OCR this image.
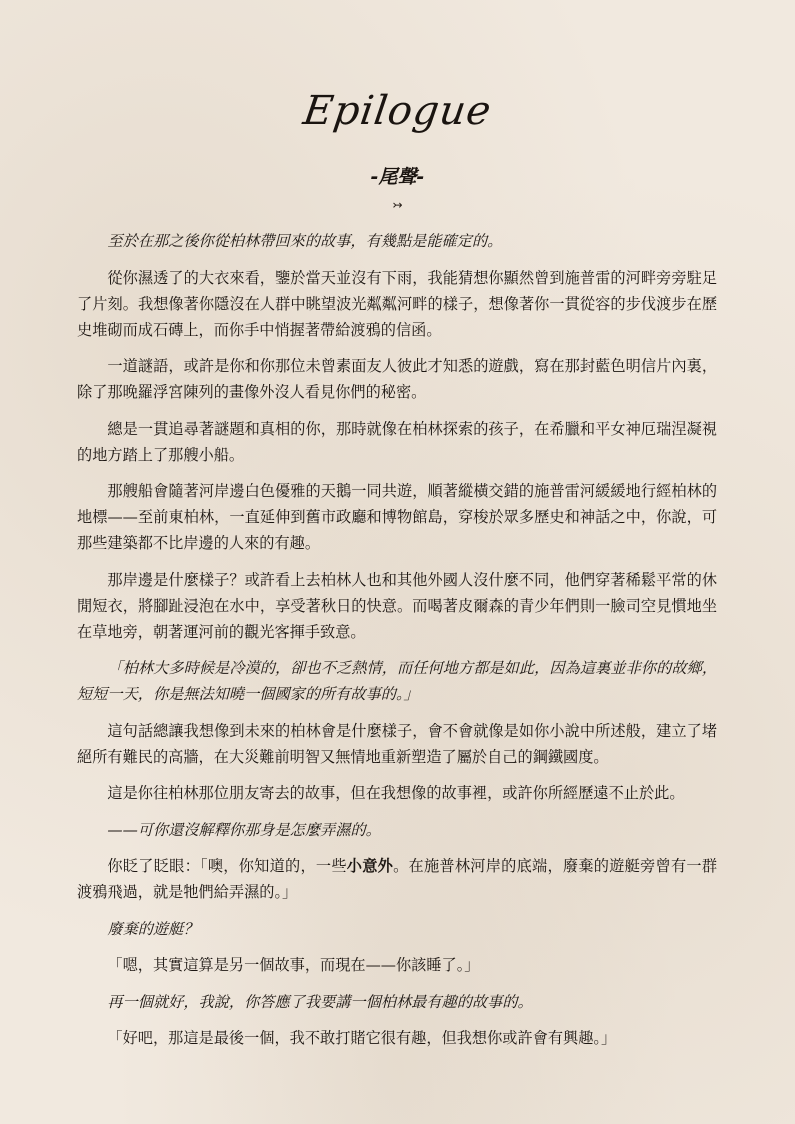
Epilogue
-尾聲-
↣

至於在那之後你從柏林帶回來的故事，有幾點是能確定的。

從你濕透了的大衣來看，鑒於當天並沒有下雨，我能猜想你顯然曾到施普雷的河畔旁旁駐足了片刻。我想像著你隱沒在人群中眺望波光粼粼河畔的樣子，想像著你一貫從容的步伐渡步在歷史堆砌而成石磚上，而你手中悄握著帶給渡鴉的信函。

一道謎語，或許是你和你那位未曾素面友人彼此才知悉的遊戲，寫在那封藍色明信片內裏，除了那晚羅浮宮陳列的畫像外沒人看見你們的秘密。

總是一貫追尋著謎題和真相的你，那時就像在柏林探索的孩子，在希臘和平女神厄瑞涅凝視的地方踏上了那艘小船。

那艘船會隨著河岸邊白色優雅的天鵝一同共遊，順著縱橫交錯的施普雷河緩緩地行經柏林的地標——至前東柏林，一直延伸到舊市政廳和博物館島，穿梭於眾多歷史和神話之中，你說，可那些建築都不比岸邊的人來的有趣。

那岸邊是什麼樣子？或許看上去柏林人也和其他外國人沒什麼不同，他們穿著稀鬆平常的休閒短衣，將腳趾浸泡在水中，享受著秋日的快意。而喝著皮爾森的青少年們則一臉司空見慣地坐在草地旁，朝著運河前的觀光客揮手致意。

「柏林大多時候是冷漠的，卻也不乏熱情，而任何地方都是如此，因為這裏並非你的故鄉，短短一天，你是無法知曉一個國家的所有故事的。」

這句話總讓我想像到未來的柏林會是什麼樣子，會不會就像是如你小說中所述般，建立了堵絕所有難民的高牆，在大災難前明智又無情地重新塑造了屬於自己的鋼鐵國度。

這是你往柏林那位朋友寄去的故事，但在我想像的故事裡，或許你所經歷遠不止於此。

——可你還沒解釋你那身是怎麼弄濕的。

你眨了眨眼：「噢，你知道的，一些小意外。在施普林河岸的底端，廢棄的遊艇旁曾有一群渡鴉飛過，就是牠們給弄濕的。」

廢棄的遊艇？

「嗯，其實這算是另一個故事，而現在——你該睡了。」

再一個就好，我說，你答應了我要講一個柏林最有趣的故事的。

「好吧，那這是最後一個，我不敢打賭它很有趣，但我想你或許會有興趣。」
